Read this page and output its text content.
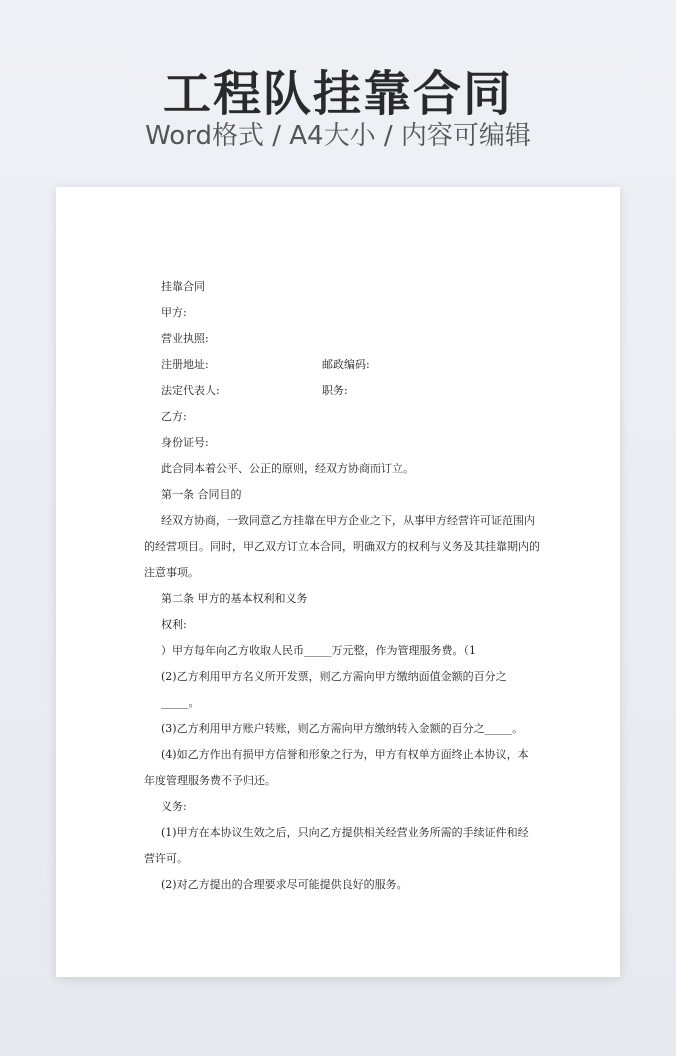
工程队挂靠合同
Word格式 / A4大小 / 内容可编辑
挂靠合同
甲方:
营业执照:
注册地址:	邮政编码:
法定代表人:	职务:
乙方:
身份证号:
此合同本着公平、公正的原则，经双方协商而订立。
第一条 合同目的
经双方协商，一致同意乙方挂靠在甲方企业之下，从事甲方经营许可证范围内
的经营项目。同时，甲乙双方订立本合同，明确双方的权利与义务及其挂靠期内的
注意事项。
第二条 甲方的基本权利和义务
权利:
）甲方每年向乙方收取人民币_____万元整，作为管理服务费。（1
(2)乙方利用甲方名义所开发票，则乙方需向甲方缴纳面值金额的百分之
_____。
(3)乙方利用甲方账户转账，则乙方需向甲方缴纳转入金额的百分之_____。
(4)如乙方作出有损甲方信誉和形象之行为，甲方有权单方面终止本协议，本
年度管理服务费不予归还。
义务:
(1)甲方在本协议生效之后，只向乙方提供相关经营业务所需的手续证件和经
营许可。
(2)对乙方提出的合理要求尽可能提供良好的服务。
